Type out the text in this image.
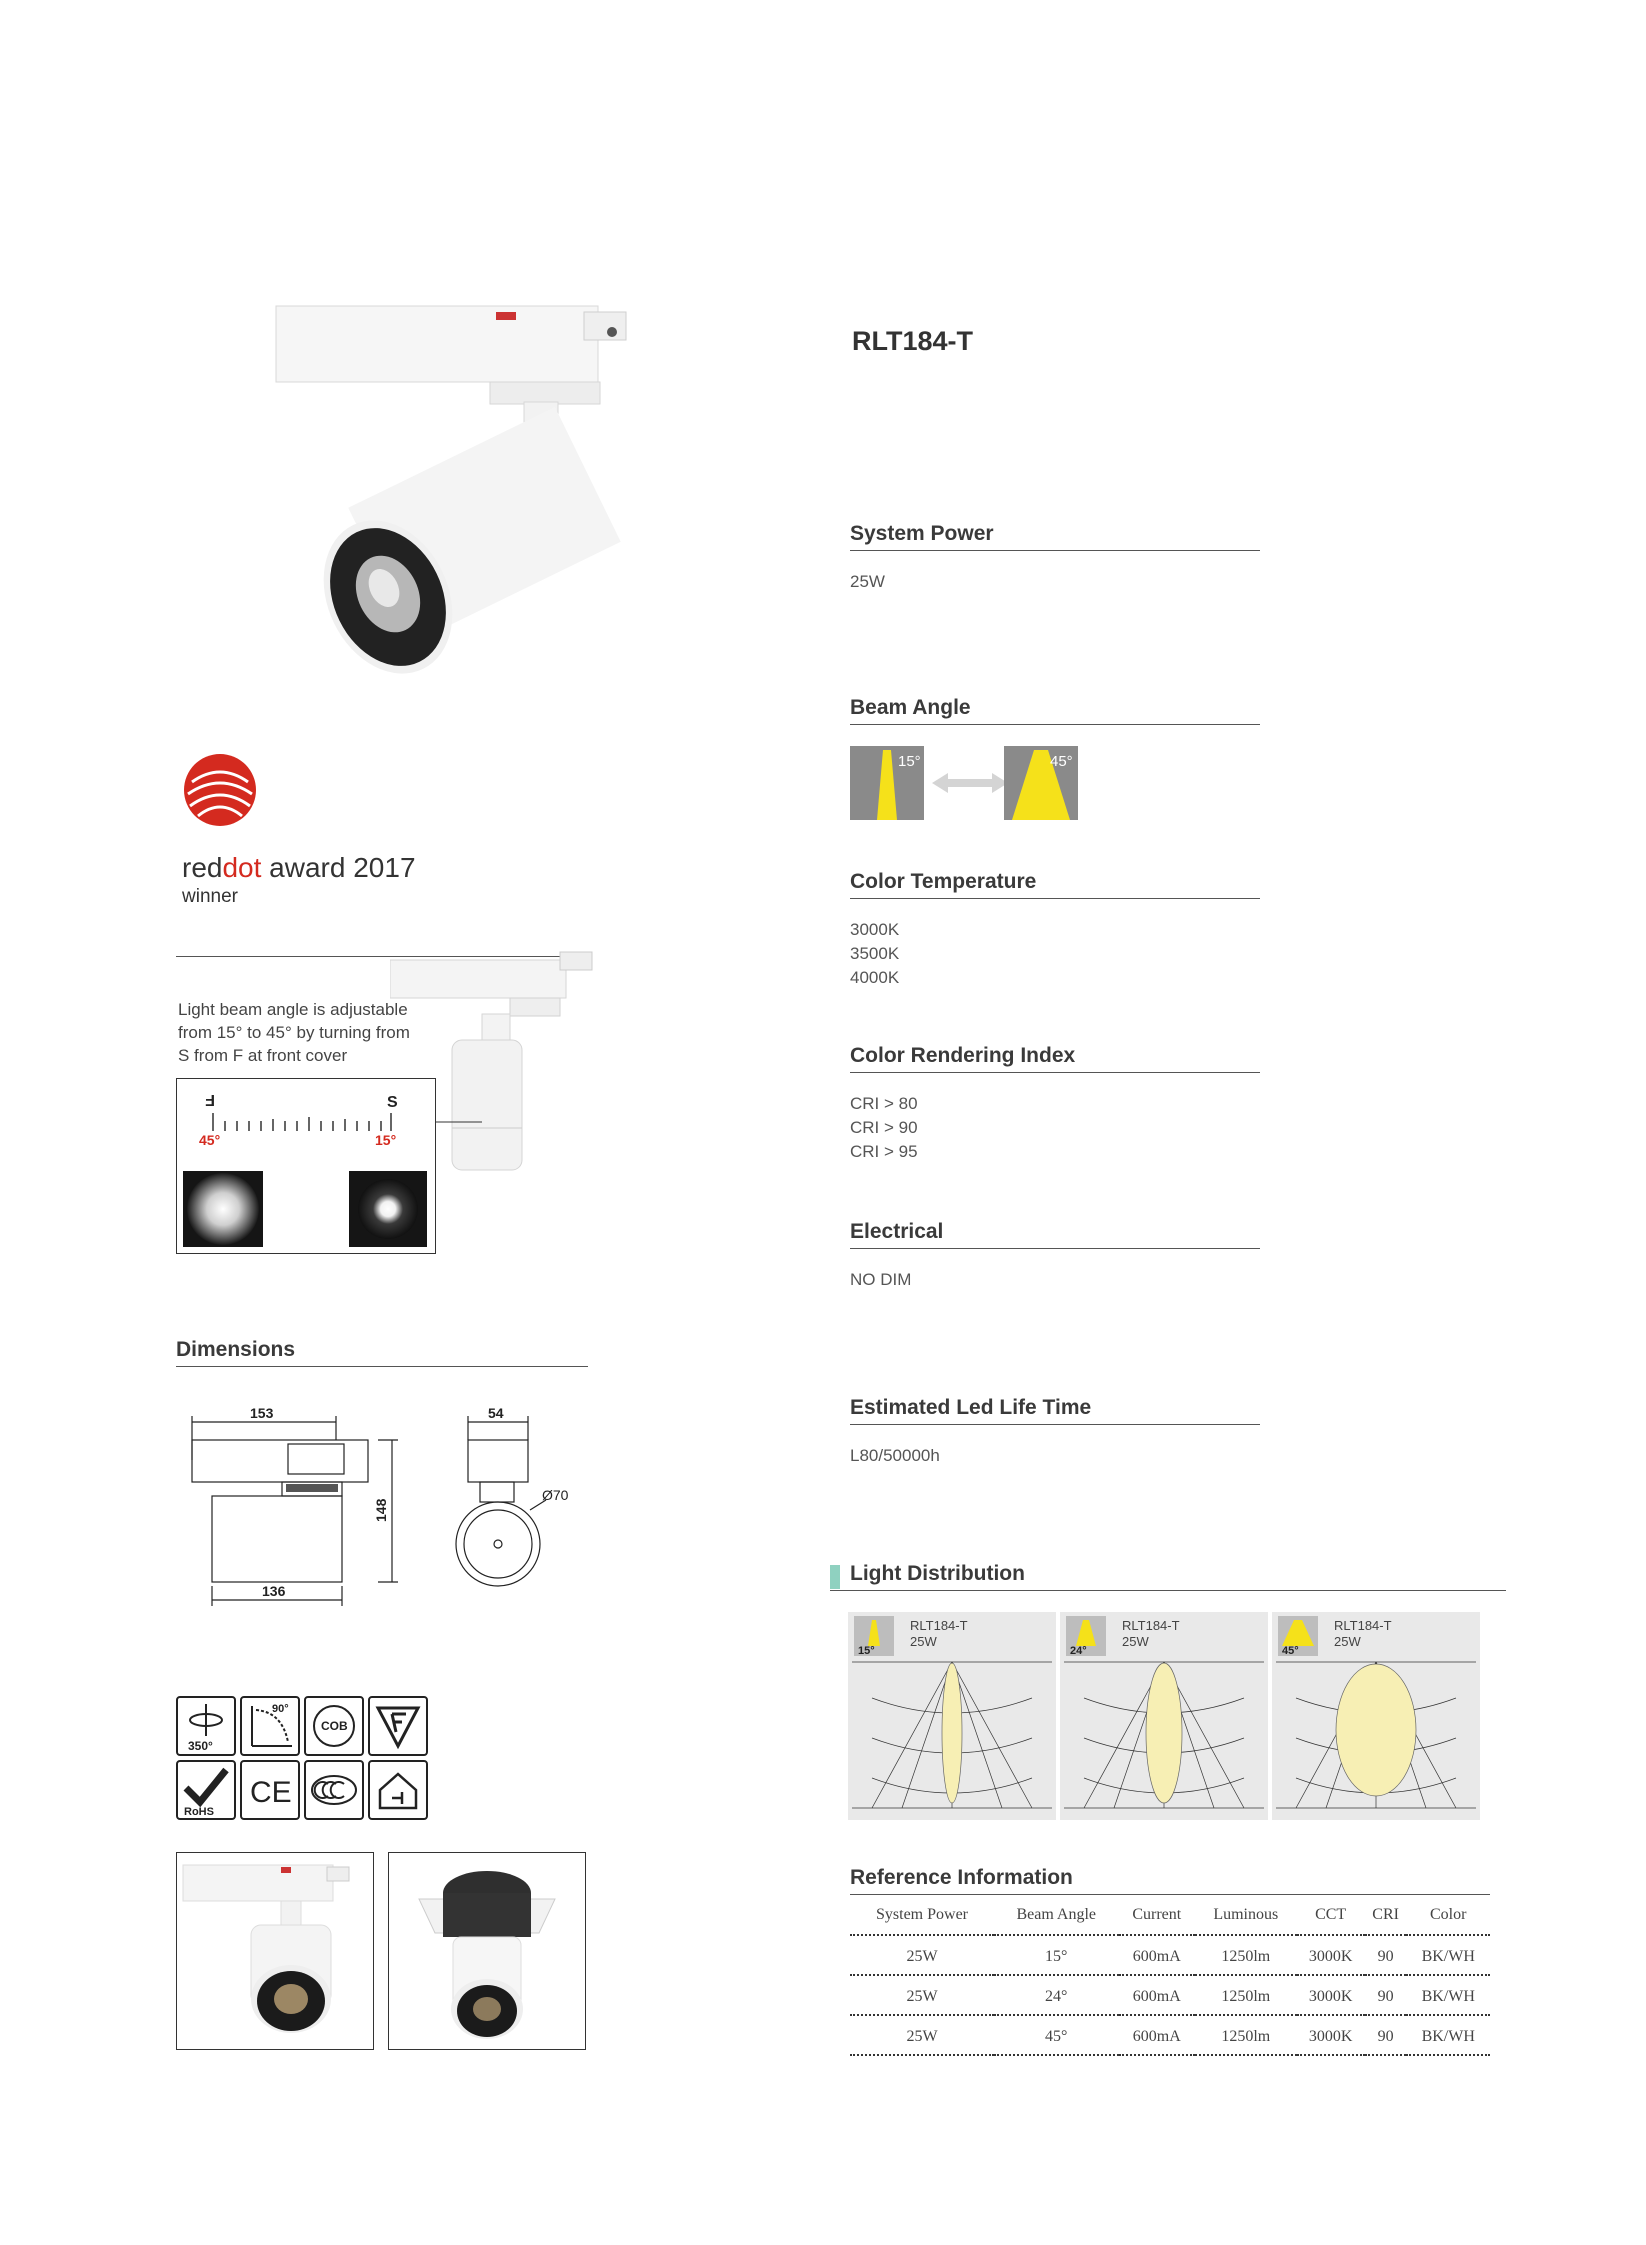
RLT184-T
System Power
25W
Beam Angle
15°	45°
Color Temperature
3000K
3500K
4000K
Color Rendering Index
CRI > 80
CRI > 90
CRI > 95
Electrical
NO DIM
Estimated Led Life Time
L80/50000h
reddot award 2017
winner
Light beam angle is adjustable
from 15° to 45° by turning from
S from F at front cover
F	S
45°	15°
Dimensions
153
136
148
54
Ø70
350°
90°
COB
RoHS
CE
Light Distribution
15°
RLT184-T
25W
24°
RLT184-T
25W
45°
RLT184-T
25W
Reference Information
System Power	Beam Angle	Current	Luminous	CCT	CRI	Color
25W	15°	600mA	1250lm	3000K	90	BK/WH
25W	24°	600mA	1250lm	3000K	90	BK/WH
25W	45°	600mA	1250lm	3000K	90	BK/WH
